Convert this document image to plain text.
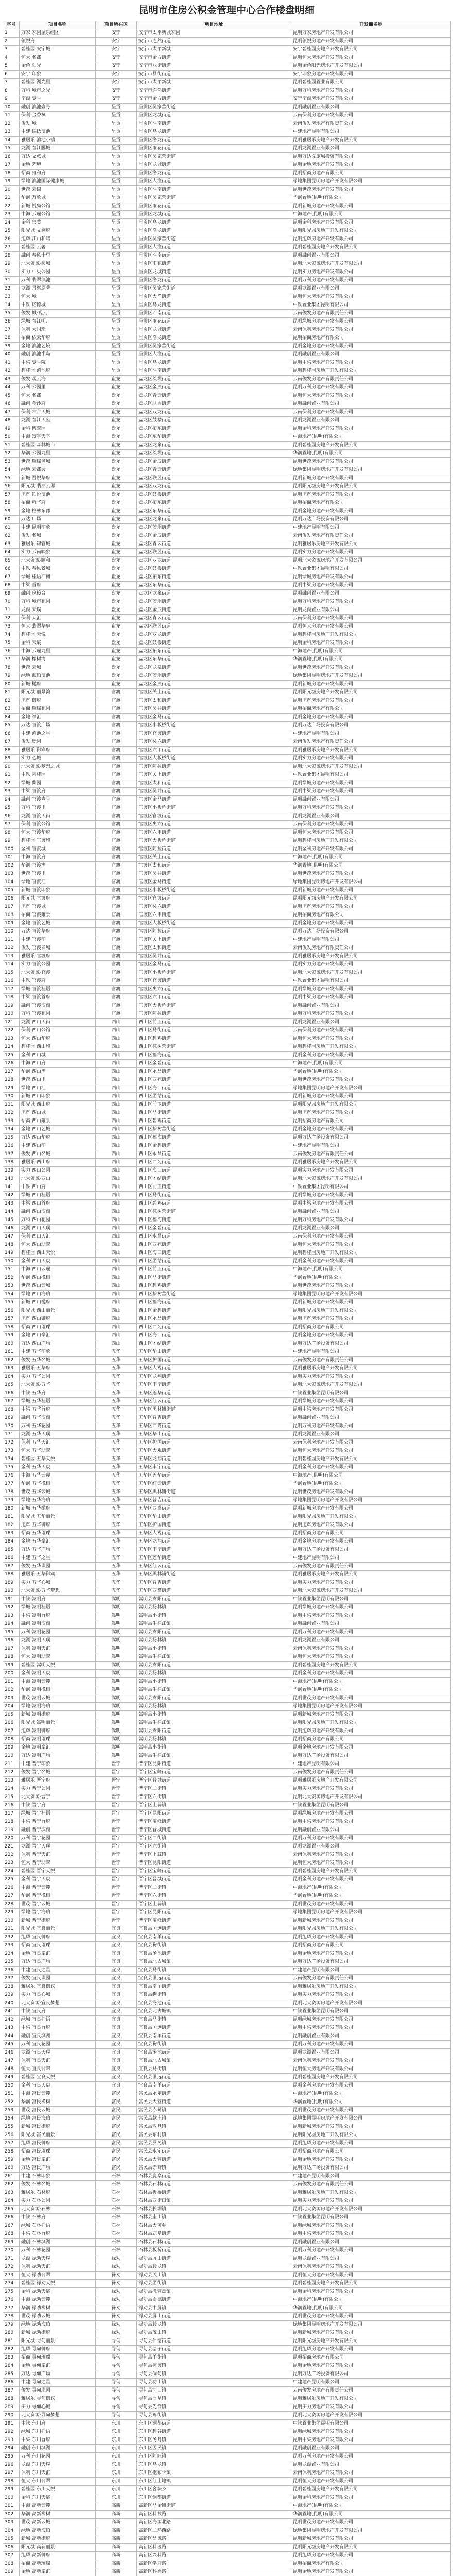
昆明市住房公积金管理中心合作楼盘明细
序号	项目名称	项目所在区	项目地址	开发商名称
1	万家·家园温泉组团	安宁	安宁市太平新城家园	昆明万家房地产开发有限公司
2	领悦府	安宁	安宁市连然街道	昆明领悦房地产开发有限公司
3	碧桂园·安宁城	安宁	安宁市太平新城	安宁碧桂园房地产开发有限公司
4	恒大·名都	安宁	安宁市金方街道	昆明恒大房地产开发有限公司
5	金色·阳光	安宁	安宁市八街街道	昆明金色阳光房地产开发有限公司
6	安宁·印象	安宁	安宁市县街街道	安宁印象房地产开发有限公司
7	碧桂园·湖光里	安宁	安宁市太平新城	昆明碧桂园置业有限公司
8	万科·城市之光	安宁	安宁市连然街道	昆明万科房地产开发有限公司
9	宁湖·壹号	安宁	安宁市金方街道	安宁宁湖房地产开发有限公司
10	融创·滇池壹号	呈贡	呈贡区吴家营街道	昆明融创置业有限公司
11	保利·金香槟	呈贡	呈贡区龙城街道	云南保利房地产开发有限公司
12	俊发·城	呈贡	呈贡区斗南街道	云南俊发房地产有限责任公司
13	中建·锦绣滇池	呈贡	呈贡区乌龙街道	中建地产昆明有限公司
14	雅居乐·滇池小镇	呈贡	呈贡区洛龙街道	昆明雅居乐房地产开发有限公司
15	龙湖·春江郦城	呈贡	呈贡区雨花街道	昆明龙湖置业有限公司
16	万达·文旅城	呈贡	呈贡区吴家营街道	昆明万达文旅城投资有限公司
17	金地·艺境	呈贡	呈贡区龙城街道	昆明金地房地产开发有限公司
18	招商·雍和府	呈贡	呈贡区洛龙街道	昆明招商房地产有限公司
19	绿地·滇池国际健康城	呈贡	呈贡区大渔街道	绿地集团昆明房地产开发有限公司
20	世茂·云锦	呈贡	呈贡区斗南街道	昆明世茂房地产开发有限公司
21	华润·万象城	呈贡	呈贡区吴家营街道	华润置地(昆明)有限公司
22	新城·悦隽公馆	呈贡	呈贡区雨花街道	昆明新城房地产开发有限公司
23	中海·云麓公馆	呈贡	呈贡区龙城街道	中海地产(昆明)有限公司
24	金科·集美	呈贡	呈贡区乌龙街道	昆明金科房地产开发有限公司
25	阳光城·文澜府	呈贡	呈贡区洛龙街道	昆明阳光城房地产开发有限公司
26	旭辉·江山和鸣	呈贡	呈贡区吴家营街道	昆明旭辉房地产开发有限公司
27	碧桂园·云著	呈贡	呈贡区大渔街道	昆明碧桂园房地产开发有限公司
28	融创·春风十里	呈贡	呈贡区斗南街道	昆明融创置业有限公司
29	北大资源·阅城	呈贡	呈贡区雨花街道	昆明北大资源房地产开发有限公司
30	实力·中央公园	呈贡	呈贡区龙城街道	昆明实力房地产开发有限公司
31	万科·翡翠滇池	呈贡	呈贡区洛龙街道	昆明万科房地产开发有限公司
32	龙湖·景粼原著	呈贡	呈贡区吴家营街道	昆明龙湖置业有限公司
33	恒大·城	呈贡	呈贡区大渔街道	昆明恒大房地产开发有限公司
34	中铁·诺德城	呈贡	呈贡区乌龙街道	中铁置业集团昆明有限公司
35	俊发·城·观云	呈贡	呈贡区斗南街道	云南俊发房地产有限责任公司
36	绿城·春江明月	呈贡	呈贡区雨花街道	昆明绿城房地产开发有限公司
37	保利·大国璟	呈贡	呈贡区龙城街道	云南保利房地产开发有限公司
38	招商·依云华府	呈贡	呈贡区洛龙街道	昆明招商房地产有限公司
39	金地·滇池艺境	呈贡	呈贡区吴家营街道	昆明金地房地产开发有限公司
40	融创·滇池半岛	呈贡	呈贡区大渔街道	昆明融创置业有限公司
41	中梁·壹号院	呈贡	呈贡区乌龙街道	昆明中梁房地产开发有限公司
42	碧桂园·滇池府	呈贡	呈贡区斗南街道	昆明碧桂园房地产开发有限公司
43	俊发·观云海	盘龙	盘龙区茨坝街道	云南俊发房地产有限责任公司
44	万科·公园里	盘龙	盘龙区金辰街道	昆明万科房地产开发有限公司
45	恒大·名都	盘龙	盘龙区青云街道	昆明恒大房地产开发有限公司
46	融创·金沙府	盘龙	盘龙区联盟街道	昆明融创置业有限公司
47	保利·六合天城	盘龙	盘龙区双龙街道	云南保利房地产开发有限公司
48	龙湖·春江天玺	盘龙	盘龙区鼓楼街道	昆明龙湖置业有限公司
49	金科·博翠园	盘龙	盘龙区拓东街道	昆明金科房地产开发有限公司
50	中海·寰宇天下	盘龙	盘龙区东华街道	中海地产(昆明)有限公司
51	碧桂园·森林城市	盘龙	盘龙区龙泉街道	昆明碧桂园房地产开发有限公司
52	华润·公园九里	盘龙	盘龙区茨坝街道	华润置地(昆明)有限公司
53	世茂·璀璨倾城	盘龙	盘龙区金辰街道	昆明世茂房地产开发有限公司
54	绿地·云都会	盘龙	盘龙区青云街道	绿地集团昆明房地产开发有限公司
55	新城·吾悦华府	盘龙	盘龙区联盟街道	昆明新城房地产开发有限公司
56	阳光城·翡丽云邸	盘龙	盘龙区双龙街道	昆明阳光城房地产开发有限公司
57	旭辉·铂悦滇池	盘龙	盘龙区鼓楼街道	昆明旭辉房地产开发有限公司
58	招商·雍华府	盘龙	盘龙区拓东街道	昆明招商房地产有限公司
59	金地·格林东郡	盘龙	盘龙区东华街道	昆明金地房地产开发有限公司
60	万达·广场	盘龙	盘龙区龙泉街道	昆明万达广场投资有限公司
61	中建·昆明印象	盘龙	盘龙区茨坝街道	中建地产昆明有限公司
62	俊发·名城	盘龙	盘龙区金辰街道	云南俊发房地产有限责任公司
63	雅居乐·锦官城	盘龙	盘龙区青云街道	昆明雅居乐房地产开发有限公司
64	实力·云南映象	盘龙	盘龙区联盟街道	昆明实力房地产开发有限公司
65	北大资源·颐和	盘龙	盘龙区双龙街道	昆明北大资源房地产开发有限公司
66	中铁·春风景城	盘龙	盘龙区鼓楼街道	中铁置业集团昆明有限公司
67	绿城·桂语江南	盘龙	盘龙区拓东街道	昆明绿城房地产开发有限公司
68	中梁·首府	盘龙	盘龙区东华街道	昆明中梁房地产开发有限公司
69	融创·玖樟台	盘龙	盘龙区龙泉街道	昆明融创置业有限公司
70	万科·城市花园	盘龙	盘龙区茨坝街道	昆明万科房地产开发有限公司
71	龙湖·天璞	盘龙	盘龙区金辰街道	昆明龙湖置业有限公司
72	保利·天汇	盘龙	盘龙区青云街道	云南保利房地产开发有限公司
73	恒大·翡翠华庭	盘龙	盘龙区联盟街道	昆明恒大房地产开发有限公司
74	碧桂园·天悦	盘龙	盘龙区双龙街道	昆明碧桂园房地产开发有限公司
75	金科·天宸	盘龙	盘龙区鼓楼街道	昆明金科房地产开发有限公司
76	中海·云麓九里	盘龙	盘龙区拓东街道	中海地产(昆明)有限公司
77	华润·橡树湾	盘龙	盘龙区东华街道	华润置地(昆明)有限公司
78	世茂·云城	盘龙	盘龙区龙泉街道	昆明世茂房地产开发有限公司
79	绿地·海珀滇池	盘龙	盘龙区茨坝街道	绿地集团昆明房地产开发有限公司
80	新城·樾府	盘龙	盘龙区金辰街道	昆明新城房地产开发有限公司
81	阳光城·丽景湾	官渡	官渡区关上街道	昆明阳光城房地产开发有限公司
82	旭辉·御府	官渡	官渡区太和街道	昆明旭辉房地产开发有限公司
83	招商·璀璨花园	官渡	官渡区吴井街道	昆明招商房地产有限公司
84	金地·峯汇	官渡	官渡区金马街道	昆明金地房地产开发有限公司
85	万达·官渡广场	官渡	官渡区小板桥街道	昆明万达广场投资有限公司
86	中建·滇池之星	官渡	官渡区官渡街道	中建地产昆明有限公司
87	俊发·璟园	官渡	官渡区矣六街道	云南俊发房地产有限责任公司
88	雅居乐·御宾府	官渡	官渡区六甲街道	昆明雅居乐房地产开发有限公司
89	实力·心城	官渡	官渡区大板桥街道	昆明实力房地产开发有限公司
90	北大资源·梦想之城	官渡	官渡区阿拉街道	昆明北大资源房地产开发有限公司
91	中铁·碧桂园	官渡	官渡区关上街道	中铁置业集团昆明有限公司
92	绿城·蘭园	官渡	官渡区太和街道	昆明绿城房地产开发有限公司
93	中梁·官渡府	官渡	官渡区吴井街道	昆明中梁房地产开发有限公司
94	融创·官渡壹号	官渡	官渡区金马街道	昆明融创置业有限公司
95	万科·官渡里	官渡	官渡区小板桥街道	昆明万科房地产开发有限公司
96	龙湖·官渡天街	官渡	官渡区官渡街道	昆明龙湖置业有限公司
97	保利·官渡公馆	官渡	官渡区矣六街道	云南保利房地产开发有限公司
98	恒大·官渡华府	官渡	官渡区六甲街道	昆明恒大房地产开发有限公司
99	碧桂园·官渡印	官渡	官渡区大板桥街道	昆明碧桂园房地产开发有限公司
100	金科·官渡城	官渡	官渡区阿拉街道	昆明金科房地产开发有限公司
101	中海·官渡府	官渡	官渡区关上街道	中海地产(昆明)有限公司
102	华润·官渡湾	官渡	官渡区太和街道	华润置地(昆明)有限公司
103	世茂·官渡里	官渡	官渡区吴井街道	昆明世茂房地产开发有限公司
104	绿地·官渡汇	官渡	官渡区金马街道	绿地集团昆明房地产开发有限公司
105	新城·官渡印象	官渡	官渡区小板桥街道	昆明新城房地产开发有限公司
106	阳光城·官渡府	官渡	官渡区官渡街道	昆明阳光城房地产开发有限公司
107	旭辉·官渡城	官渡	官渡区矣六街道	昆明旭辉房地产开发有限公司
108	招商·官渡雍景	官渡	官渡区六甲街道	昆明招商房地产有限公司
109	金地·官渡艺城	官渡	官渡区大板桥街道	昆明金地房地产开发有限公司
110	万达·官渡华府	官渡	官渡区阿拉街道	昆明万达广场投资有限公司
111	中建·官渡印	官渡	官渡区关上街道	中建地产昆明有限公司
112	俊发·官渡名城	官渡	官渡区太和街道	云南俊发房地产有限责任公司
113	雅居乐·官渡府	官渡	官渡区吴井街道	昆明雅居乐房地产开发有限公司
114	实力·官渡公园	官渡	官渡区金马街道	昆明实力房地产开发有限公司
115	北大资源·官渡	官渡	官渡区小板桥街道	昆明北大资源房地产开发有限公司
116	中铁·官渡府	官渡	官渡区官渡街道	中铁置业集团昆明有限公司
117	绿城·官渡桂语	官渡	官渡区矣六街道	昆明绿城房地产开发有限公司
118	中梁·官渡首府	官渡	官渡区六甲街道	昆明中梁房地产开发有限公司
119	融创·官渡滨湖	官渡	官渡区大板桥街道	昆明融创置业有限公司
120	万科·官渡花园	官渡	官渡区阿拉街道	昆明万科房地产开发有限公司
121	龙湖·西山天街	西山	西山区前卫街道	昆明龙湖置业有限公司
122	保利·西山公馆	西山	西山区马街街道	云南保利房地产开发有限公司
123	恒大·西山华府	西山	西山区碧鸡街道	昆明恒大房地产开发有限公司
124	碧桂园·西山印	西山	西山区棕树营街道	昆明碧桂园房地产开发有限公司
125	金科·西山城	西山	西山区福海街道	昆明金科房地产开发有限公司
126	中海·西山府	西山	西山区金碧街道	中海地产(昆明)有限公司
127	华润·西山湾	西山	西山区永昌街道	华润置地(昆明)有限公司
128	世茂·西山里	西山	西山区西苑街道	昆明世茂房地产开发有限公司
129	绿地·西山汇	西山	西山区海口街道	绿地集团昆明房地产开发有限公司
130	新城·西山印象	西山	西山区团结街道	昆明新城房地产开发有限公司
131	阳光城·西山府	西山	西山区前卫街道	昆明阳光城房地产开发有限公司
132	旭辉·西山城	西山	西山区马街街道	昆明旭辉房地产开发有限公司
133	招商·西山雍景	西山	西山区碧鸡街道	昆明招商房地产有限公司
134	金地·西山艺城	西山	西山区棕树营街道	昆明金地房地产开发有限公司
135	万达·西山华府	西山	西山区福海街道	昆明万达广场投资有限公司
136	中建·西山印	西山	西山区金碧街道	中建地产昆明有限公司
137	俊发·西山名城	西山	西山区永昌街道	云南俊发房地产有限责任公司
138	雅居乐·西山府	西山	西山区西苑街道	昆明雅居乐房地产开发有限公司
139	实力·西山公园	西山	西山区海口街道	昆明实力房地产开发有限公司
140	北大资源·西山	西山	西山区团结街道	昆明北大资源房地产开发有限公司
141	中铁·西山府	西山	西山区前卫街道	中铁置业集团昆明有限公司
142	绿城·西山桂语	西山	西山区马街街道	昆明绿城房地产开发有限公司
143	中梁·西山首府	西山	西山区碧鸡街道	昆明中梁房地产开发有限公司
144	融创·西山滨湖	西山	西山区棕树营街道	昆明融创置业有限公司
145	万科·西山花园	西山	西山区福海街道	昆明万科房地产开发有限公司
146	龙湖·西山天璞	西山	西山区金碧街道	昆明龙湖置业有限公司
147	保利·西山天汇	西山	西山区永昌街道	云南保利房地产开发有限公司
148	恒大·西山翡翠	西山	西山区西苑街道	昆明恒大房地产开发有限公司
149	碧桂园·西山天悦	西山	西山区海口街道	昆明碧桂园房地产开发有限公司
150	金科·西山天宸	西山	西山区团结街道	昆明金科房地产开发有限公司
151	中海·西山云麓	西山	西山区前卫街道	中海地产(昆明)有限公司
152	华润·西山橡树	西山	西山区马街街道	华润置地(昆明)有限公司
153	世茂·西山云城	西山	西山区碧鸡街道	昆明世茂房地产开发有限公司
154	绿地·西山海珀	西山	西山区棕树营街道	绿地集团昆明房地产开发有限公司
155	新城·西山樾府	西山	西山区福海街道	昆明新城房地产开发有限公司
156	阳光城·西山丽景	西山	西山区金碧街道	昆明阳光城房地产开发有限公司
157	旭辉·西山御府	西山	西山区永昌街道	昆明旭辉房地产开发有限公司
158	招商·西山璀璨	西山	西山区西苑街道	昆明招商房地产有限公司
159	金地·西山峯汇	西山	西山区海口街道	昆明金地房地产开发有限公司
160	万达·西山广场	西山	西山区团结街道	昆明万达广场投资有限公司
161	中建·五华印象	五华	五华区华山街道	中建地产昆明有限公司
162	俊发·五华名城	五华	五华区护国街道	云南俊发房地产有限责任公司
163	雅居乐·五华府	五华	五华区大观街道	昆明雅居乐房地产开发有限公司
164	实力·五华公园	五华	五华区龙翔街道	昆明实力房地产开发有限公司
165	北大资源·五华	五华	五华区丰宁街道	昆明北大资源房地产开发有限公司
166	中铁·五华府	五华	五华区莲华街道	中铁置业集团昆明有限公司
167	绿城·五华桂语	五华	五华区红云街道	昆明绿城房地产开发有限公司
168	中梁·五华首府	五华	五华区黑林铺街道	昆明中梁房地产开发有限公司
169	融创·五华滨湖	五华	五华区普吉街道	昆明融创置业有限公司
170	万科·五华花园	五华	五华区西翥街道	昆明万科房地产开发有限公司
171	龙湖·五华天璞	五华	五华区华山街道	昆明龙湖置业有限公司
172	保利·五华天汇	五华	五华区护国街道	云南保利房地产开发有限公司
173	恒大·五华翡翠	五华	五华区大观街道	昆明恒大房地产开发有限公司
174	碧桂园·五华天悦	五华	五华区龙翔街道	昆明碧桂园房地产开发有限公司
175	金科·五华天宸	五华	五华区丰宁街道	昆明金科房地产开发有限公司
176	中海·五华云麓	五华	五华区莲华街道	中海地产(昆明)有限公司
177	华润·五华橡树	五华	五华区红云街道	华润置地(昆明)有限公司
178	世茂·五华云城	五华	五华区黑林铺街道	昆明世茂房地产开发有限公司
179	绿地·五华海珀	五华	五华区普吉街道	绿地集团昆明房地产开发有限公司
180	新城·五华樾府	五华	五华区西翥街道	昆明新城房地产开发有限公司
181	阳光城·五华丽景	五华	五华区华山街道	昆明阳光城房地产开发有限公司
182	旭辉·五华御府	五华	五华区护国街道	昆明旭辉房地产开发有限公司
183	招商·五华璀璨	五华	五华区大观街道	昆明招商房地产有限公司
184	金地·五华峯汇	五华	五华区龙翔街道	昆明金地房地产开发有限公司
185	万达·五华广场	五华	五华区丰宁街道	昆明万达广场投资有限公司
186	中建·五华之星	五华	五华区莲华街道	中建地产昆明有限公司
187	俊发·五华璟园	五华	五华区红云街道	云南俊发房地产有限责任公司
188	雅居乐·五华御宾	五华	五华区黑林铺街道	昆明雅居乐房地产开发有限公司
189	实力·五华心城	五华	五华区普吉街道	昆明实力房地产开发有限公司
190	北大资源·五华梦想	五华	五华区西翥街道	昆明北大资源房地产开发有限公司
191	中铁·嵩明府	嵩明	嵩明县嵩阳街道	中铁置业集团昆明有限公司
192	绿城·嵩明桂语	嵩明	嵩明县杨林镇	昆明绿城房地产开发有限公司
193	中梁·嵩明首府	嵩明	嵩明县小街镇	昆明中梁房地产开发有限公司
194	融创·嵩明滨湖	嵩明	嵩明县牛栏江镇	昆明融创置业有限公司
195	万科·嵩明花园	嵩明	嵩明县嵩阳街道	昆明万科房地产开发有限公司
196	龙湖·嵩明天璞	嵩明	嵩明县杨林镇	昆明龙湖置业有限公司
197	保利·嵩明天汇	嵩明	嵩明县小街镇	云南保利房地产开发有限公司
198	恒大·嵩明翡翠	嵩明	嵩明县牛栏江镇	昆明恒大房地产开发有限公司
199	碧桂园·嵩明天悦	嵩明	嵩明县嵩阳街道	昆明碧桂园房地产开发有限公司
200	金科·嵩明天宸	嵩明	嵩明县杨林镇	昆明金科房地产开发有限公司
201	中海·嵩明云麓	嵩明	嵩明县小街镇	中海地产(昆明)有限公司
202	华润·嵩明橡树	嵩明	嵩明县牛栏江镇	华润置地(昆明)有限公司
203	世茂·嵩明云城	嵩明	嵩明县嵩阳街道	昆明世茂房地产开发有限公司
204	绿地·嵩明海珀	嵩明	嵩明县杨林镇	绿地集团昆明房地产开发有限公司
205	新城·嵩明樾府	嵩明	嵩明县小街镇	昆明新城房地产开发有限公司
206	阳光城·嵩明丽景	嵩明	嵩明县牛栏江镇	昆明阳光城房地产开发有限公司
207	旭辉·嵩明御府	嵩明	嵩明县嵩阳街道	昆明旭辉房地产开发有限公司
208	招商·嵩明璀璨	嵩明	嵩明县杨林镇	昆明招商房地产有限公司
209	金地·嵩明峯汇	嵩明	嵩明县小街镇	昆明金地房地产开发有限公司
210	万达·嵩明广场	嵩明	嵩明县牛栏江镇	昆明万达广场投资有限公司
211	中建·晋宁印象	晋宁	晋宁区昆阳街道	中建地产昆明有限公司
212	俊发·晋宁名城	晋宁	晋宁区宝峰街道	云南俊发房地产有限责任公司
213	雅居乐·晋宁府	晋宁	晋宁区晋城街道	昆明雅居乐房地产开发有限公司
214	实力·晋宁公园	晋宁	晋宁区二街镇	昆明实力房地产开发有限公司
215	北大资源·晋宁	晋宁	晋宁区六街镇	昆明北大资源房地产开发有限公司
216	中铁·晋宁府	晋宁	晋宁区上蒜镇	中铁置业集团昆明有限公司
217	绿城·晋宁桂语	晋宁	晋宁区昆阳街道	昆明绿城房地产开发有限公司
218	中梁·晋宁首府	晋宁	晋宁区宝峰街道	昆明中梁房地产开发有限公司
219	融创·晋宁滨湖	晋宁	晋宁区晋城街道	昆明融创置业有限公司
220	万科·晋宁花园	晋宁	晋宁区二街镇	昆明万科房地产开发有限公司
221	龙湖·晋宁天璞	晋宁	晋宁区六街镇	昆明龙湖置业有限公司
222	保利·晋宁天汇	晋宁	晋宁区上蒜镇	云南保利房地产开发有限公司
223	恒大·晋宁翡翠	晋宁	晋宁区昆阳街道	昆明恒大房地产开发有限公司
224	碧桂园·晋宁天悦	晋宁	晋宁区宝峰街道	昆明碧桂园房地产开发有限公司
225	金科·晋宁天宸	晋宁	晋宁区晋城街道	昆明金科房地产开发有限公司
226	中海·晋宁云麓	晋宁	晋宁区二街镇	中海地产(昆明)有限公司
227	华润·晋宁橡树	晋宁	晋宁区六街镇	华润置地(昆明)有限公司
228	世茂·晋宁云城	晋宁	晋宁区上蒜镇	昆明世茂房地产开发有限公司
229	绿地·晋宁海珀	晋宁	晋宁区昆阳街道	绿地集团昆明房地产开发有限公司
230	新城·晋宁樾府	晋宁	晋宁区宝峰街道	昆明新城房地产开发有限公司
231	阳光城·宜良丽景	宜良	宜良县匡远街道	昆明阳光城房地产开发有限公司
232	旭辉·宜良御府	宜良	宜良县南羊街道	昆明旭辉房地产开发有限公司
233	招商·宜良璀璨	宜良	宜良县狗街镇	昆明招商房地产有限公司
234	金地·宜良峯汇	宜良	宜良县汤池街道	昆明金地房地产开发有限公司
235	万达·宜良广场	宜良	宜良县北古城镇	昆明万达广场投资有限公司
236	中建·宜良之星	宜良	宜良县马街镇	中建地产昆明有限公司
237	俊发·宜良璟园	宜良	宜良县匡远街道	云南俊发房地产有限责任公司
238	雅居乐·宜良御宾	宜良	宜良县南羊街道	昆明雅居乐房地产开发有限公司
239	实力·宜良心城	宜良	宜良县狗街镇	昆明实力房地产开发有限公司
240	北大资源·宜良梦想	宜良	宜良县汤池街道	昆明北大资源房地产开发有限公司
241	中铁·宜良府	宜良	宜良县北古城镇	中铁置业集团昆明有限公司
242	绿城·宜良桂语	宜良	宜良县马街镇	昆明绿城房地产开发有限公司
243	中梁·宜良首府	宜良	宜良县匡远街道	昆明中梁房地产开发有限公司
244	融创·宜良滨湖	宜良	宜良县南羊街道	昆明融创置业有限公司
245	万科·宜良花园	宜良	宜良县狗街镇	昆明万科房地产开发有限公司
246	龙湖·宜良天璞	宜良	宜良县汤池街道	昆明龙湖置业有限公司
247	保利·宜良天汇	宜良	宜良县北古城镇	云南保利房地产开发有限公司
248	恒大·宜良翡翠	宜良	宜良县马街镇	昆明恒大房地产开发有限公司
249	碧桂园·宜良天悦	宜良	宜良县匡远街道	昆明碧桂园房地产开发有限公司
250	金科·宜良天宸	宜良	宜良县南羊街道	昆明金科房地产开发有限公司
251	中海·富民云麓	富民	富民县永定街道	中海地产(昆明)有限公司
252	华润·富民橡树	富民	富民县大营街道	华润置地(昆明)有限公司
253	世茂·富民云城	富民	富民县赤鹫镇	昆明世茂房地产开发有限公司
254	绿地·富民海珀	富民	富民县款庄镇	绿地集团昆明房地产开发有限公司
255	新城·富民樾府	富民	富民县散旦镇	昆明新城房地产开发有限公司
256	阳光城·富民丽景	富民	富民县东村镇	昆明阳光城房地产开发有限公司
257	旭辉·富民御府	富民	富民县罗免镇	昆明旭辉房地产开发有限公司
258	招商·富民璀璨	富民	富民县永定街道	昆明招商房地产有限公司
259	金地·富民峯汇	富民	富民县大营街道	昆明金地房地产开发有限公司
260	万达·富民广场	富民	富民县赤鹫镇	昆明万达广场投资有限公司
261	中建·石林印象	石林	石林县鹿阜街道	中建地产昆明有限公司
262	俊发·石林名城	石林	石林县石林街道	云南俊发房地产有限责任公司
263	雅居乐·石林府	石林	石林县板桥街道	昆明雅居乐房地产开发有限公司
264	实力·石林公园	石林	石林县西街口镇	昆明实力房地产开发有限公司
265	北大资源·石林	石林	石林县长湖镇	昆明北大资源房地产开发有限公司
266	中铁·石林府	石林	石林县圭山镇	中铁置业集团昆明有限公司
267	绿城·石林桂语	石林	石林县大可乡	昆明绿城房地产开发有限公司
268	中梁·石林首府	石林	石林县鹿阜街道	昆明中梁房地产开发有限公司
269	融创·石林滨湖	石林	石林县石林街道	昆明融创置业有限公司
270	万科·石林花园	石林	石林县板桥街道	昆明万科房地产开发有限公司
271	龙湖·禄劝天璞	禄劝	禄劝县屏山街道	昆明龙湖置业有限公司
272	保利·禄劝天汇	禄劝	禄劝县转龙镇	云南保利房地产开发有限公司
273	恒大·禄劝翡翠	禄劝	禄劝县茂山镇	昆明恒大房地产开发有限公司
274	碧桂园·禄劝天悦	禄劝	禄劝县团街镇	昆明碧桂园房地产开发有限公司
275	金科·禄劝天宸	禄劝	禄劝县撒营盘镇	昆明金科房地产开发有限公司
276	中海·禄劝云麓	禄劝	禄劝县崇德街道	中海地产(昆明)有限公司
277	华润·禄劝橡树	禄劝	禄劝县中屏镇	华润置地(昆明)有限公司
278	世茂·禄劝云城	禄劝	禄劝县屏山街道	昆明世茂房地产开发有限公司
279	绿地·禄劝海珀	禄劝	禄劝县转龙镇	绿地集团昆明房地产开发有限公司
280	新城·禄劝樾府	禄劝	禄劝县茂山镇	昆明新城房地产开发有限公司
281	阳光城·寻甸丽景	寻甸	寻甸县仁德街道	昆明阳光城房地产开发有限公司
282	旭辉·寻甸御府	寻甸	寻甸县塘子街道	昆明旭辉房地产开发有限公司
283	招商·寻甸璀璨	寻甸	寻甸县羊街镇	昆明招商房地产有限公司
284	金地·寻甸峯汇	寻甸	寻甸县柯渡镇	昆明金地房地产开发有限公司
285	万达·寻甸广场	寻甸	寻甸县倘甸镇	昆明万达广场投资有限公司
286	中建·寻甸之星	寻甸	寻甸县功山镇	中建地产昆明有限公司
287	俊发·寻甸璟园	寻甸	寻甸县河口镇	云南俊发房地产有限责任公司
288	雅居乐·寻甸御宾	寻甸	寻甸县七星镇	昆明雅居乐房地产开发有限公司
289	实力·寻甸心城	寻甸	寻甸县先锋镇	昆明实力房地产开发有限公司
290	北大资源·寻甸梦想	寻甸	寻甸县鸡街镇	昆明北大资源房地产开发有限公司
291	中铁·东川府	东川	东川区铜都街道	中铁置业集团昆明有限公司
292	绿城·东川桂语	东川	东川区碧谷街道	昆明绿城房地产开发有限公司
293	中梁·东川首府	东川	东川区汤丹镇	昆明中梁房地产开发有限公司
294	融创·东川滨湖	东川	东川区因民镇	昆明融创置业有限公司
295	万科·东川花园	东川	东川区阿旺镇	昆明万科房地产开发有限公司
296	龙湖·东川天璞	东川	东川区乌龙镇	昆明龙湖置业有限公司
297	保利·东川天汇	东川	东川区拖布卡镇	云南保利房地产开发有限公司
298	恒大·东川翡翠	东川	东川区红土地镇	昆明恒大房地产开发有限公司
299	碧桂园·东川天悦	东川	东川区舍块乡	昆明碧桂园房地产开发有限公司
300	金科·东川天宸	东川	东川区铜都街道	昆明金科房地产开发有限公司
301	中海·高新云麓	高新	高新区马金铺街道	中海地产(昆明)有限公司
302	华润·高新橡树	高新	高新区科技路	华润置地(昆明)有限公司
303	世茂·高新云城	高新	高新区海源北路	昆明世茂房地产开发有限公司
304	绿地·高新海珀	高新	高新区二环西路	绿地集团昆明房地产开发有限公司
305	新城·高新樾府	高新	高新区昌源路	昆明新城房地产开发有限公司
306	阳光城·高新丽景	高新	高新区科医路	昆明阳光城房地产开发有限公司
307	旭辉·高新御府	高新	高新区兴科路	昆明旭辉房地产开发有限公司
308	招商·高新璀璨	高新	高新区学府路	昆明招商房地产有限公司
309	金地·高新峯汇	高新	高新区科兴路	昆明金地房地产开发有限公司
